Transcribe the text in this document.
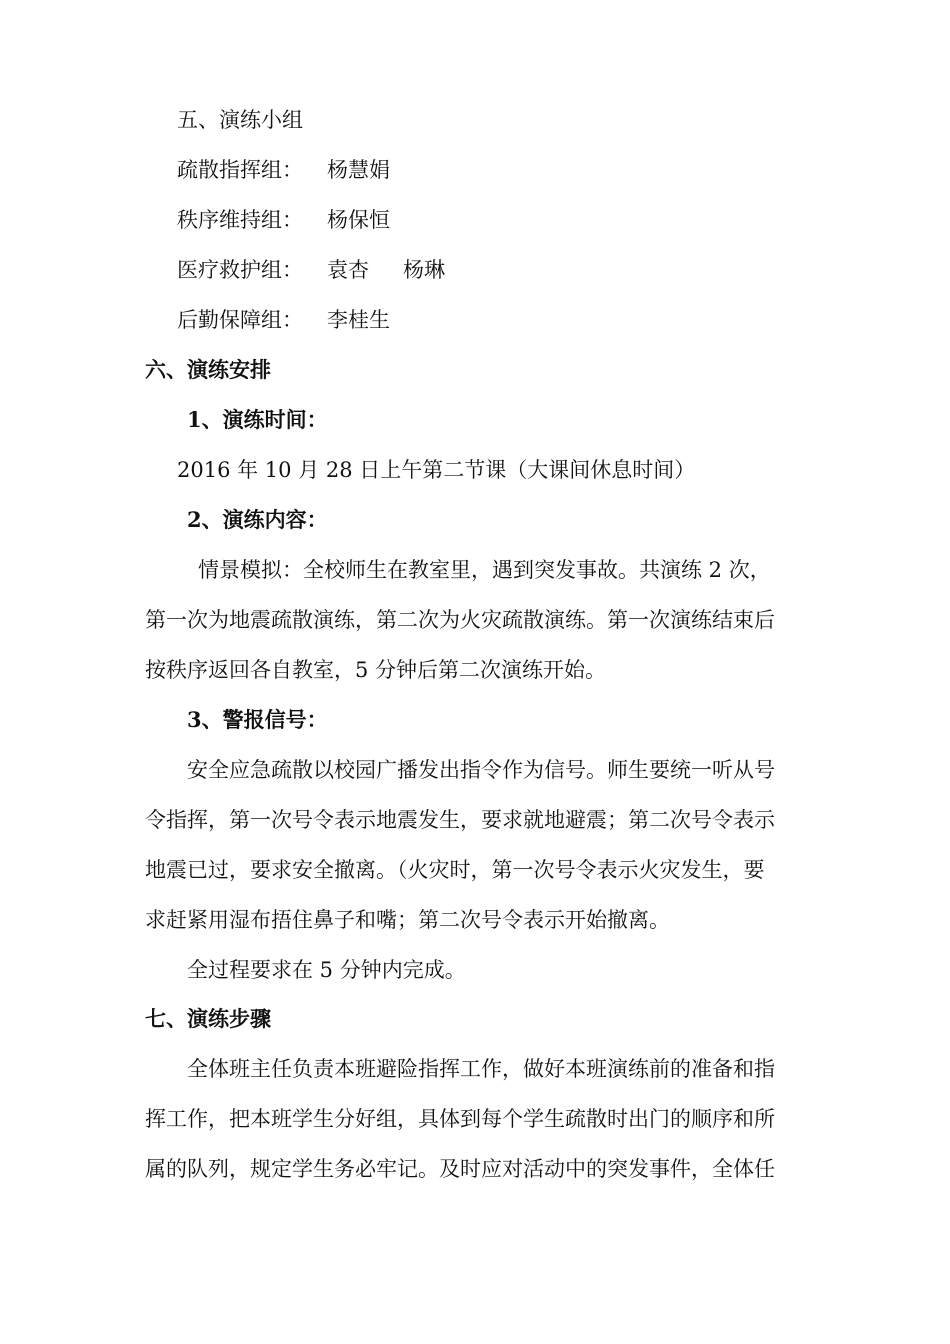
五、演练小组
疏散指挥组： 杨慧娟
秩序维持组： 杨保恒
医疗救护组： 袁杏 杨琳
后勤保障组： 李桂生
六、演练安排
1、演练时间：
2016 年 10 月 28 日上午第二节课（大课间休息时间）
2、演练内容：
情景模拟：全校师生在教室里，遇到突发事故。共演练 2 次，
第一次为地震疏散演练，第二次为火灾疏散演练。第一次演练结束后
按秩序返回各自教室，5 分钟后第二次演练开始。
3、警报信号：
安全应急疏散以校园广播发出指令作为信号。师生要统一听从号
令指挥，第一次号令表示地震发生，要求就地避震；第二次号令表示
地震已过，要求安全撤离。（火灾时，第一次号令表示火灾发生，要
求赶紧用湿布捂住鼻子和嘴；第二次号令表示开始撤离。
全过程要求在 5 分钟内完成。
七、演练步骤
全体班主任负责本班避险指挥工作，做好本班演练前的准备和指
挥工作，把本班学生分好组，具体到每个学生疏散时出门的顺序和所
属的队列，规定学生务必牢记。及时应对活动中的突发事件，全体任
